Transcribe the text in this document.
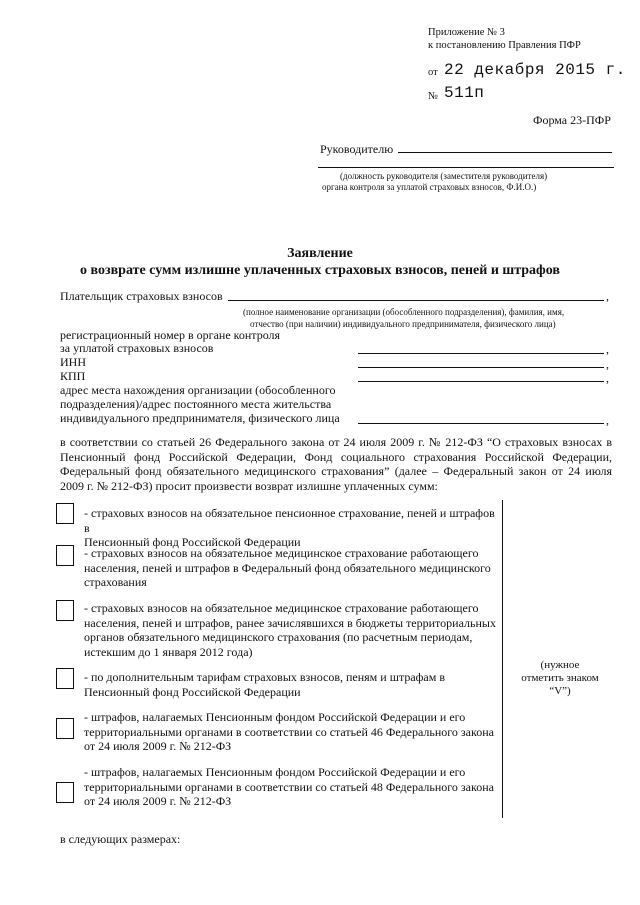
Приложение № 3
к постановлению Правления ПФР
от 22 декабря 2015 г.
№ 511п
Форма 23-ПФР
Руководителю
(должность руководителя (заместителя руководителя)
органа контроля за уплатой страховых взносов, Ф.И.О.)
Заявление
о возврате сумм излишне уплаченных страховых взносов, пеней и штрафов
Плательщик страховых взносов	,
(полное наименование организации (обособленного подразделения), фамилия, имя,
отчество (при наличии) индивидуального предпринимателя, физического лица)
регистрационный номер в органе контроля
за уплатой страховых взносов	,
ИНН	,
КПП	,
адрес места нахождения организации (обособленного
подразделения)/адрес постоянного места жительства
индивидуального предпринимателя, физического лица	,
в соответствии со статьей 26 Федерального закона от 24 июля 2009 г. № 212-ФЗ “О страховых взносах в Пенсионный фонд Российской Федерации, Фонд социального страхования Российской Федерации, Федеральный фонд обязательного медицинского страхования” (далее – Федеральный закон от 24 июля 2009 г. № 212-ФЗ) просит произвести возврат излишне уплаченных сумм:
- страховых взносов на обязательное пенсионное страхование, пеней и штрафов в
Пенсионный фонд Российской Федерации
- страховых взносов на обязательное медицинское страхование работающего
населения, пеней и штрафов в Федеральный фонд обязательного медицинского
страхования
- страховых взносов на обязательное медицинское страхование работающего
населения, пеней и штрафов, ранее зачислявшихся в бюджеты территориальных
органов обязательного медицинского страхования (по расчетным периодам,
истекшим до 1 января 2012 года)
- по дополнительным тарифам страховых взносов, пеням и штрафам в
Пенсионный фонд Российской Федерации
- штрафов, налагаемых Пенсионным фондом Российской Федерации и его
территориальными органами в соответствии со статьей 46 Федерального закона
от 24 июля 2009 г. № 212-ФЗ
- штрафов, налагаемых Пенсионным фондом Российской Федерации и его
территориальными органами в соответствии со статьей 48 Федерального закона
от 24 июля 2009 г. № 212-ФЗ
(нужное
отметить знаком
“V”)
в следующих размерах:
